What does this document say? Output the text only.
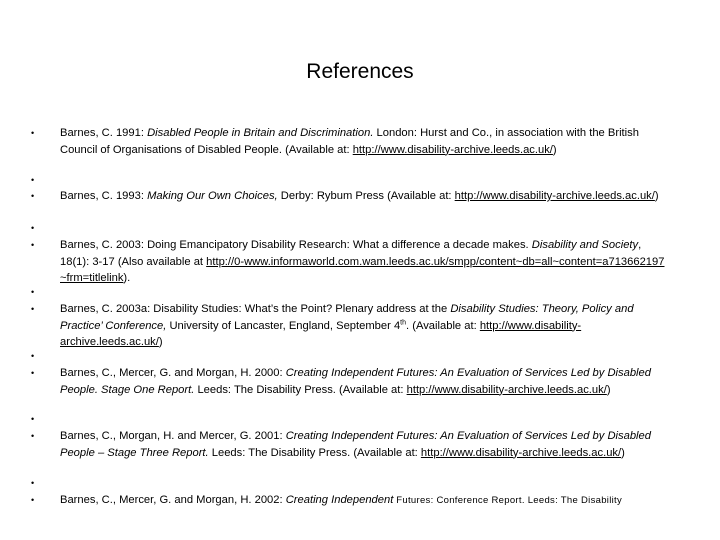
References
• Barnes, C. 1991: Disabled People in Britain and Discrimination. London: Hurst and Co., in association with the British Council of Organisations of Disabled People. (Available at: http://www.disability-archive.leeds.ac.uk/)
•
• Barnes, C. 1993: Making Our Own Choices, Derby: Rybum Press (Available at: http://www.disability-archive.leeds.ac.uk/)
•
• Barnes, C. 2003: Doing Emancipatory Disability Research: What a difference a decade makes. Disability and Society, 18(1): 3-17 (Also available at http://0-www.informaworld.com.wam.leeds.ac.uk/smpp/content~db=all~content=a713662197~frm=titlelink).
•
• Barnes, C. 2003a: Disability Studies: What’s the Point? Plenary address at the Disability Studies: Theory, Policy and Practice’ Conference, University of Lancaster, England, September 4th. (Available at: http://www.disability-archive.leeds.ac.uk/)
•
• Barnes, C., Mercer, G. and Morgan, H. 2000: Creating Independent Futures: An Evaluation of Services Led by Disabled People. Stage One Report. Leeds: The Disability Press. (Available at: http://www.disability-archive.leeds.ac.uk/)
•
• Barnes, C., Morgan, H. and Mercer, G. 2001: Creating Independent Futures: An Evaluation of Services Led by Disabled People – Stage Three Report. Leeds: The Disability Press. (Available at: http://www.disability-archive.leeds.ac.uk/)
•
• Barnes, C., Mercer, G. and Morgan, H. 2002: Creating Independent Futures: Conference Report. Leeds: The Disability
